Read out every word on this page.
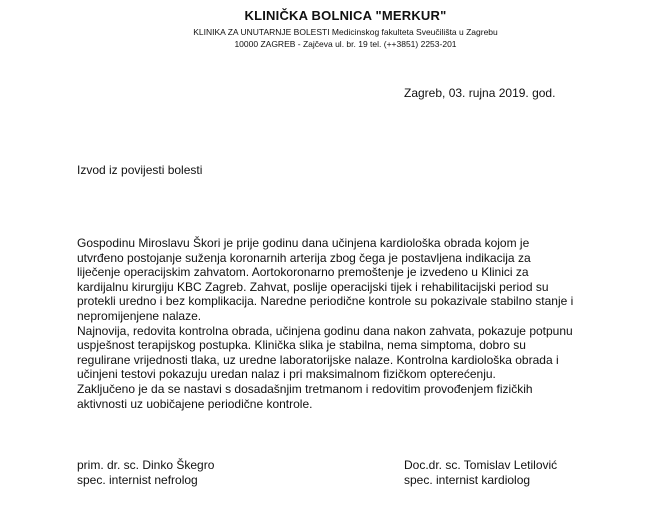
KLINIČKA BOLNICA "MERKUR"
KLINIKA ZA UNUTARNJE BOLESTI Medicinskog fakulteta Sveučilišta u Zagrebu
10000 ZAGREB - Zajčeva ul. br. 19 tel. (++3851) 2253-201
Zagreb, 03. rujna 2019. god.
Izvod iz povijesti bolesti

Gospodinu Miroslavu Škori je prije godinu dana učinjena kardiološka obrada kojom je utvrđeno postojanje suženja koronarnih arterija zbog čega je postavljena indikacija za liječenje operacijskim zahvatom. Aortokoronarno premoštenje je izvedeno u Klinici za kardijalnu kirurgiju KBC Zagreb. Zahvat, poslije operacijski tijek i rehabilitacijski period su protekli uredno i bez komplikacija. Naredne periodične kontrole su pokazivale stabilno stanje i nepromijenjene nalaze.

Najnovija, redovita kontrolna obrada, učinjena godinu dana nakon zahvata, pokazuje potpunu uspješnost terapijskog postupka. Klinička slika je stabilna, nema simptoma, dobro su regulirane vrijednosti tlaka, uz uredne laboratorijske nalaze. Kontrolna kardiološka obrada i učinjeni testovi pokazuju uredan nalaz i pri maksimalnom fizičkom opterećenju.

Zaključeno je da se nastavi s dosadašnjim tretmanom i redovitim provođenjem fizičkih aktivnosti uz uobičajene periodične kontrole.

prim. dr. sc. Dinko Škegro
spec. internist nefrolog
Doc.dr. sc. Tomislav Letilović
spec. internist kardiolog
